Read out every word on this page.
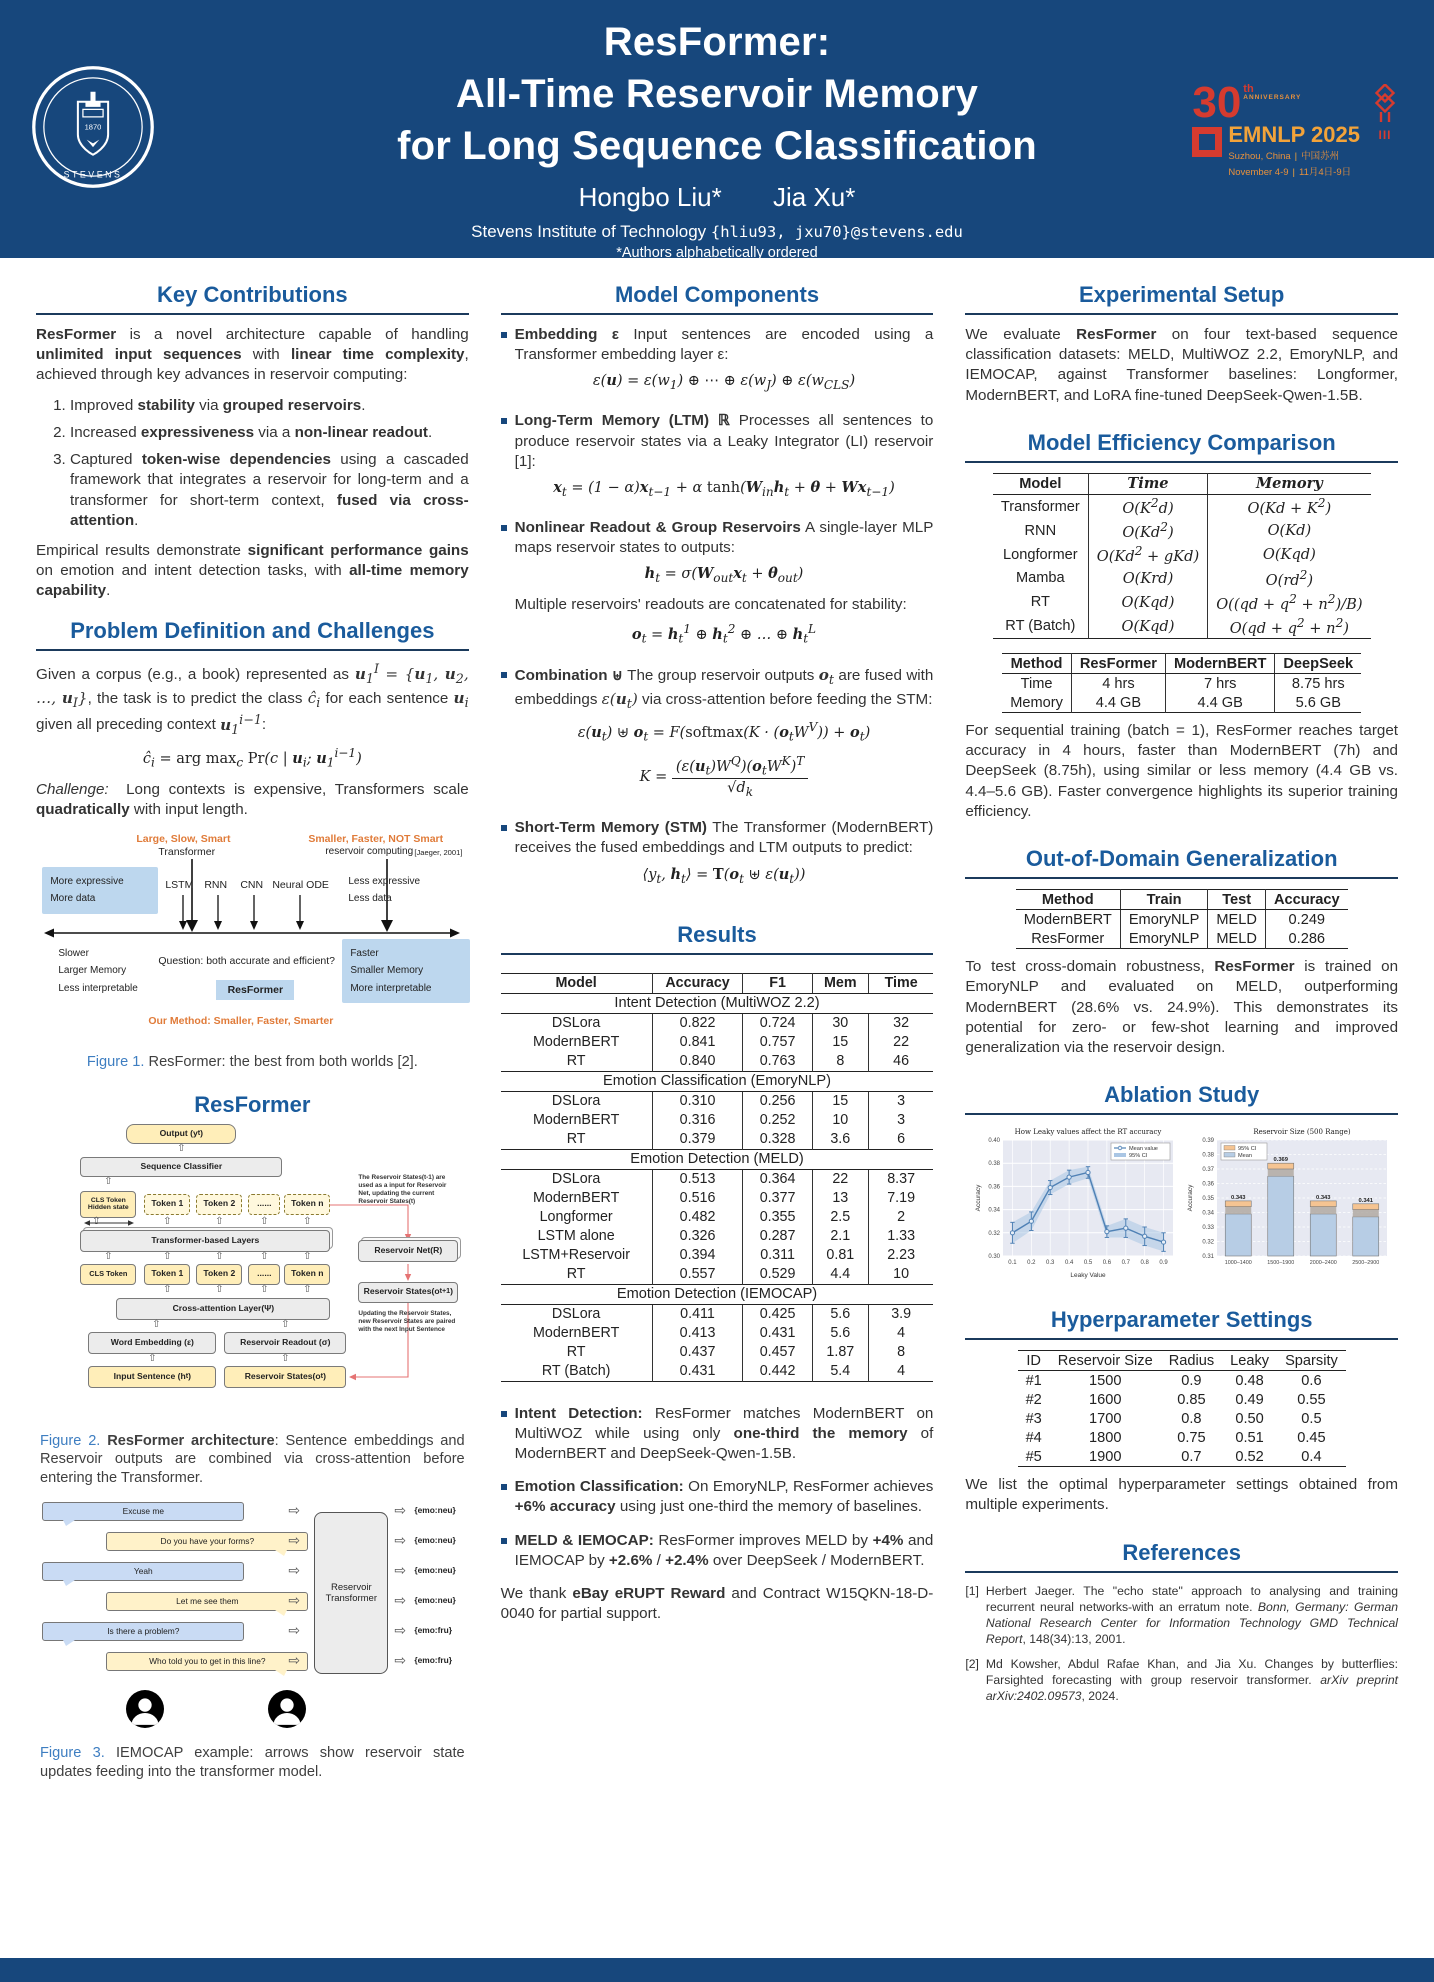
1870
STEVENS
ResFormer:
All-Time Reservoir Memory
for Long Sequence Classification
Hongbo Liu* Jia Xu*
Stevens Institute of Technology {hliu93, jxu70}@stevens.edu
*Authors alphabetically ordered
30 th
ANNIVERSARY
EMNLP 2025
Suzhou, China | 中国苏州
November 4-9 | 11月4日-9日
III
Key Contributions

ResFormer is a novel architecture capable of handling unlimited input sequences with linear time complexity, achieved through key advances in reservoir computing:

1. Improved stability via grouped reservoirs.
2. Increased expressiveness via a non-linear readout.
3. Captured token-wise dependencies using a cascaded framework that integrates a reservoir for long-term and a transformer for short-term context, fused via cross-attention.

Empirical results demonstrate significant performance gains on emotion and intent detection tasks, with all-time memory capability.

Problem Definition and Challenges

Given a corpus (e.g., a book) represented as $u_1^I = \{u_1$, $u_2$, …, $u_I$}, the task is to predict the class $ĉ_i$ for each sentence $u_i$ given all preceding context $u_1^{i-1}$:

$ĉ_i$ = arg $\max_c Pr(c$ | $u_i$; $u_1^{i-1}$)

Challenge:  Long contexts is expensive, Transformers scale quadratically with input length.

Large, Slow, Smart
Transformer
Smaller, Faster, NOT Smart
reservoir computing [Jaeger, 2001]
More expressive
More data
LSTM RNN CNN Neural ODE Less expressive
Less data
Slower
Larger Memory
Less interpretable
Question: both accurate and efficient?
ResFormer
Faster
Smaller Memory
More interpretable
Our Method: Smaller, Faster, Smarter
Figure 1. ResFormer: the best from both worlds [2].
ResFormer
Output (y t )
⇧
Sequence Classifier
⇧
CLS Token Hidden state	Token 1	Token 2	......	Token n
⇧
⇧
⇧
⇧
⇧
Transformer-based Layers
⇧
⇧
⇧
⇧
⇧
CLS Token	Token 1	Token 2	......	Token n
⇧
⇧
⇧
⇧
Cross-attention Layer(Ψ)
⇧
⇧
Word Embedding (ε)	Reservoir Readout (σ)
⇧
⇧
Input Sentence (h t )	Reservoir States(o t )
The Reservoir States(t-1) are used as a input for Reservoir Net, updating the current Reservoir States(t)
Reservoir Net(R)
Reservoir States(o t+1 )
Updating the Reservoir States, new Reservoir States are paired with the next Input Sentence
Figure 2. ResFormer architecture: Sentence embeddings and Reservoir outputs are combined via cross-attention before entering the Transformer.
Excuse me ⇨ ⇨	{emo:neu}
Do you have your forms? ⇨ ⇨	{emo:neu}
Yeah ⇨ ⇨	{emo:neu}
Let me see them ⇨ ⇨	{emo:neu}
Is there a problem? ⇨ ⇨	{emo:fru}
Who told you to get in this line? ⇨ ⇨	{emo:fru}
Reservoir Transformer
Figure 3. IEMOCAP example: arrows show reservoir state updates feeding into the transformer model.
Model Components

Embedding ε Input sentences are encoded using a Transformer embedding layer ε:

$\varepsilon(u) = \varepsilon(w_1)$ ⊕ ⋯ ⊕ $\varepsilon(w_J)$ ⊕ $\varepsilon(w_{CLS})$

Long-Term Memory (LTM) ℝ Processes all sentences to produce reservoir states via a Leaky Integrator (LI) reservoir [1]:

$x_t = (1 - \alpha)x_{t-1} + \alpha$ $\tanh(W_{in}h_t + \theta + Wx_{t-1})$

Nonlinear Readout & Group Reservoirs A single-layer MLP maps reservoir states to outputs:

$h_t = \sigma(W_{out}x_t + \theta_{out})$

Multiple reservoirs' readouts are concatenated for stability:

$o_t = h_t^1$ ⊕ $h_t^2$ ⊕ … ⊕ $h_t^L$

Combination ⊎ The group reservoir outputs $o_t$ are fused with embeddings $\varepsilon(u_t)$ via cross-attention before feeding the STM:

$\varepsilon(u_t)$ ⊎ $o_t$ = F(softmax(K · $(o_tW^V)) + o_t$)
$K = \frac{(\varepsilon(u_t)W^Q)(o_tW^K)^T}{√d_k}$

Short-Term Memory (STM) The Transformer (ModernBERT) receives the fused embeddings and LTM outputs to predict:

$⟨y_t$, $h_t⟩ = T(o_t$ ⊎ $\varepsilon(u_t)$)
Results
Model	Accuracy	F1	Mem	Time
Intent Detection (MultiWOZ 2.2)				
DSLora	0.822	0.724	30	32
ModernBERT	0.841	0.757	15	22
RT	0.840	0.763	8	46
Emotion Classification (EmoryNLP)				
DSLora	0.310	0.256	15	3
ModernBERT	0.316	0.252	10	3
RT	0.379	0.328	3.6	6
Emotion Detection (MELD)				
DSLora	0.513	0.364	22	8.37
ModernBERT	0.516	0.377	13	7.19
Longformer	0.482	0.355	2.5	2
LSTM alone	0.326	0.287	2.1	1.33
LSTM+Reservoir	0.394	0.311	0.81	2.23
RT	0.557	0.529	4.4	10
Emotion Detection (IEMOCAP)				
DSLora	0.411	0.425	5.6	3.9
ModernBERT	0.413	0.431	5.6	4
RT	0.437	0.457	1.87	8
RT (Batch)	0.431	0.442	5.4	4

Intent Detection: ResFormer matches ModernBERT on MultiWOZ while using only one-third the memory of ModernBERT and DeepSeek-Qwen-1.5B.

Emotion Classification: On EmoryNLP, ResFormer achieves +6% accuracy using just one-third the memory of baselines.

MELD & IEMOCAP: ResFormer improves MELD by +4% and IEMOCAP by +2.6% / +2.4% over DeepSeek / ModernBERT.

We thank eBay eRUPT Reward and Contract W15QKN-18-D-0040 for partial support.

Experimental Setup

We evaluate ResFormer on four text-based sequence classification datasets: MELD, MultiWOZ 2.2, EmoryNLP, and IEMOCAP, against Transformer baselines: Longformer, ModernBERT, and LoRA fine-tuned DeepSeek-Qwen-1.5B.

Model Efficiency Comparison
Model	Time	Memory
Transformer	$O(K^2d)$	$O(Kd + K^2)$
RNN	O(Kd$^2$)	O(Kd)
Longformer	$O(Kd^2 + gKd)$	O(Kqd)
Mamba	O(Krd)	$O(rd^2)$
RT	O(Kqd)	$O((qd + q^2 + n^2)/B)$
RT (Batch)	O(Kqd)	$O(qd + q^2 + n^2)$
Method	ResFormer	ModernBERT	DeepSeek
Time	4 hrs	7 hrs	8.75 hrs
Memory	4.4 GB	4.4 GB	5.6 GB

For sequential training (batch = 1), ResFormer reaches target accuracy in 4 hours, faster than ModernBERT (7h) and DeepSeek (8.75h), using similar or less memory (4.4 GB vs. 4.4–5.6 GB). Faster convergence highlights its superior training efficiency.

Out-of-Domain Generalization
Method	Train	Test	Accuracy
ModernBERT	EmoryNLP	MELD	0.249
ResFormer	EmoryNLP	MELD	0.286

To test cross-domain robustness, ResFormer is trained on EmoryNLP and evaluated on MELD, outperforming ModernBERT (28.6% vs. 24.9%). This demonstrates its potential for zero- or few-shot learning and improved generalization via the reservoir design.

Ablation Study
0.30
0.32
0.34
0.36
0.38
0.40
0.1 0.2 0.3 0.4 0.5 0.6 0.7 0.8 0.9
How Leaky values affect the RT accuracy
Accuracy
Leaky Value
Mean value
95% CI
0.31
0.32
0.33
0.34
0.35
0.36
0.37
0.38
0.39
0.343
1000–1400
0.369
1500–1900
0.343
2000–2400
0.341
2500–2900
Reservoir Size (500 Range)
Accuracy
95% CI
Mean
Hyperparameter Settings
ID	Reservoir Size	Radius	Leaky	Sparsity
#1	1500	0.9	0.48	0.6
#2	1600	0.85	0.49	0.55
#3	1700	0.8	0.50	0.5
#4	1800	0.75	0.51	0.45
#5	1900	0.7	0.52	0.4

We list the optimal hyperparameter settings obtained from multiple experiments.

References
[1] Herbert Jaeger. The "echo state" approach to analysing and training recurrent neural networks-with an erratum note. Bonn, Germany: German National Research Center for Information Technology GMD Technical Report, 148(34):13, 2001.
[2] Md Kowsher, Abdul Rafae Khan, and Jia Xu. Changes by butterflies: Farsighted forecasting with group reservoir transformer. arXiv preprint arXiv:2402.09573, 2024.
